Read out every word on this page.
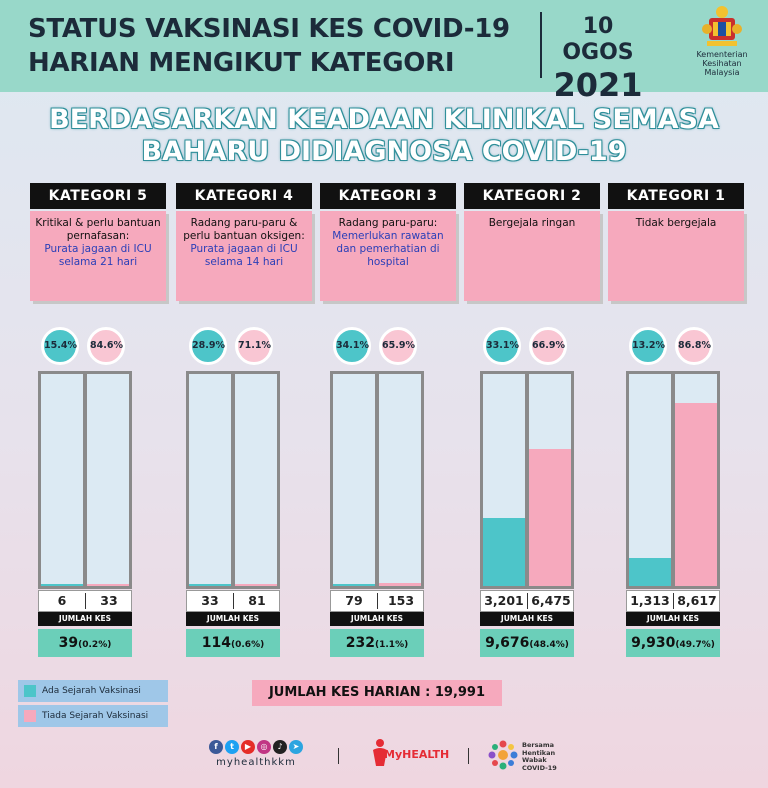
STATUS VAKSINASI KES COVID-19
HARIAN MENGIKUT KATEGORI
10 OGOS
2021
Kementerian
Kesihatan
Malaysia
BERDASARKAN KEADAAN KLINIKAL SEMASA
BAHARU DIDIAGNOSA COVID-19
KATEGORI 5
Kritikal & perlu bantuan pernafasan:
Purata jagaan di ICU selama 21 hari
15.4%	84.6%
6	33
JUMLAH KES
39(0.2%)
KATEGORI 4
Radang paru-paru & perlu bantuan oksigen:
Purata jagaan di ICU selama 14 hari
28.9%	71.1%
33	81
JUMLAH KES
114(0.6%)
KATEGORI 3
Radang paru-paru:
Memerlukan rawatan dan pemerhatian di hospital
34.1%	65.9%
79	153
JUMLAH KES
232(1.1%)
KATEGORI 2
Bergejala ringan
33.1%	66.9%
3,201 6,475
JUMLAH KES
9,676(48.4%)
KATEGORI 1
Tidak bergejala
13.2%	86.8%
1,313 8,617
JUMLAH KES
9,930(49.7%)
Ada Sejarah Vaksinasi
Tiada Sejarah Vaksinasi
JUMLAH KES HARIAN : 19,991
f	t	▶	◎	♪	➤
myhealthkkm
MyHEALTH
Bersama
Hentikan
Wabak
COVID-19
